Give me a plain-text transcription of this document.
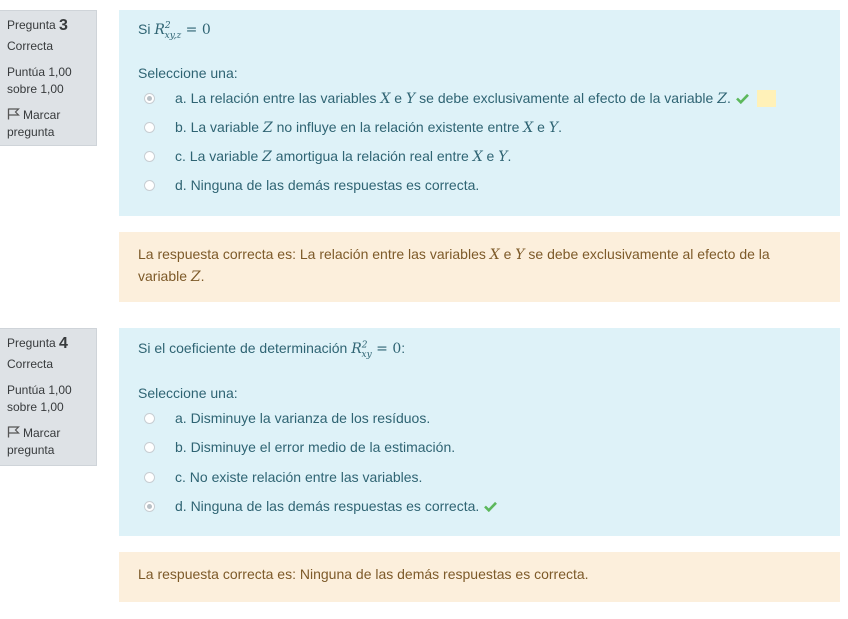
Pregunta 3
Correcta
Puntúa 1,00
sobre 1,00
Marcar
pregunta
Si $R^2_{xy,z} = 0$
Seleccione una:
a. La relación entre las variables X e Y se debe exclusivamente al efecto de la variable Z.
b. La variable Z no influye en la relación existente entre X e Y.
c. La variable Z amortigua la relación real entre X e Y.
d. Ninguna de las demás respuestas es correcta.
La respuesta correcta es: La relación entre las variables X e Y se debe exclusivamente al efecto de la variable Z.
Pregunta 4
Correcta
Puntúa 1,00
sobre 1,00
Marcar
pregunta
Si el coeficiente de determinación $R^2_{xy} = 0$:
Seleccione una:
a. Disminuye la varianza de los resíduos.
b. Disminuye el error medio de la estimación.
c. No existe relación entre las variables.
d. Ninguna de las demás respuestas es correcta.
La respuesta correcta es: Ninguna de las demás respuestas es correcta.
